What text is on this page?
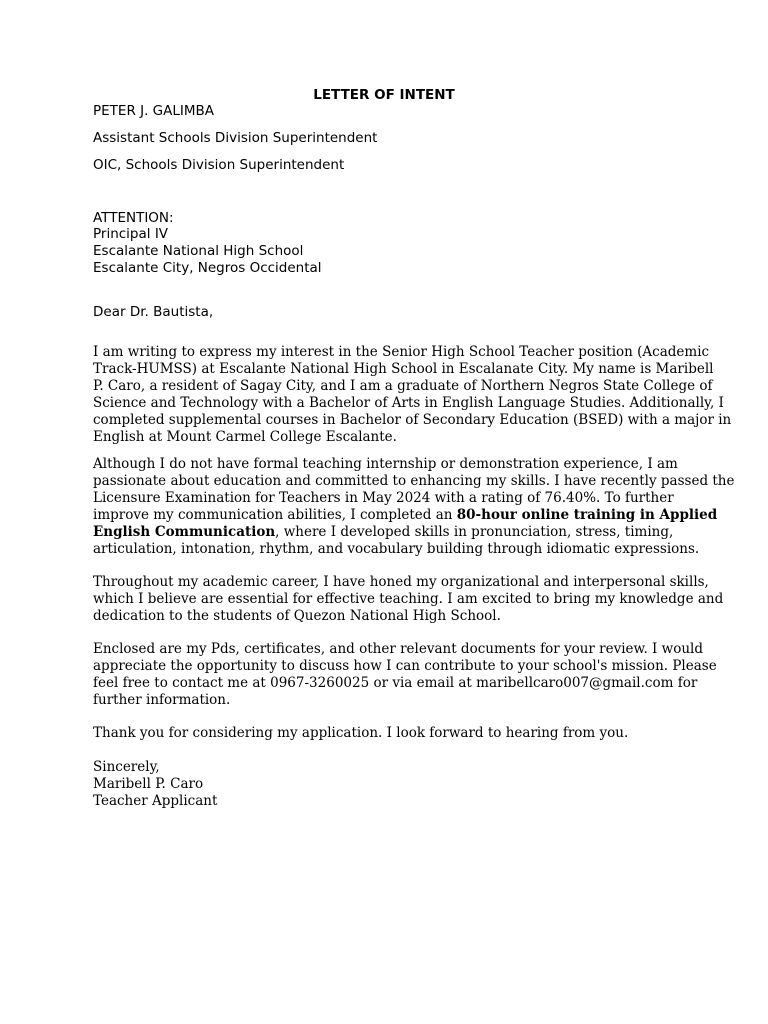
LETTER OF INTENT
PETER J. GALIMBA
Assistant Schools Division Superintendent
OIC, Schools Division Superintendent
ATTENTION:
Principal IV
Escalante National High School
Escalante City, Negros Occidental
Dear Dr. Bautista,
I am writing to express my interest in the Senior High School Teacher position (Academic
Track-HUMSS) at Escalante National High School in Escalanate City. My name is Maribell
P. Caro, a resident of Sagay City, and I am a graduate of Northern Negros State College of
Science and Technology with a Bachelor of Arts in English Language Studies. Additionally, I
completed supplemental courses in Bachelor of Secondary Education (BSED) with a major in
English at Mount Carmel College Escalante.
Although I do not have formal teaching internship or demonstration experience, I am
passionate about education and committed to enhancing my skills. I have recently passed the
Licensure Examination for Teachers in May 2024 with a rating of 76.40%. To further
improve my communication abilities, I completed an 80-hour online training in Applied
English Communication, where I developed skills in pronunciation, stress, timing,
articulation, intonation, rhythm, and vocabulary building through idiomatic expressions.
Throughout my academic career, I have honed my organizational and interpersonal skills,
which I believe are essential for effective teaching. I am excited to bring my knowledge and
dedication to the students of Quezon National High School.
Enclosed are my Pds, certificates, and other relevant documents for your review. I would
appreciate the opportunity to discuss how I can contribute to your school's mission. Please
feel free to contact me at 0967-3260025 or via email at maribellcaro007@gmail.com for
further information.
Thank you for considering my application. I look forward to hearing from you.
Sincerely,
Maribell P. Caro
Teacher Applicant
